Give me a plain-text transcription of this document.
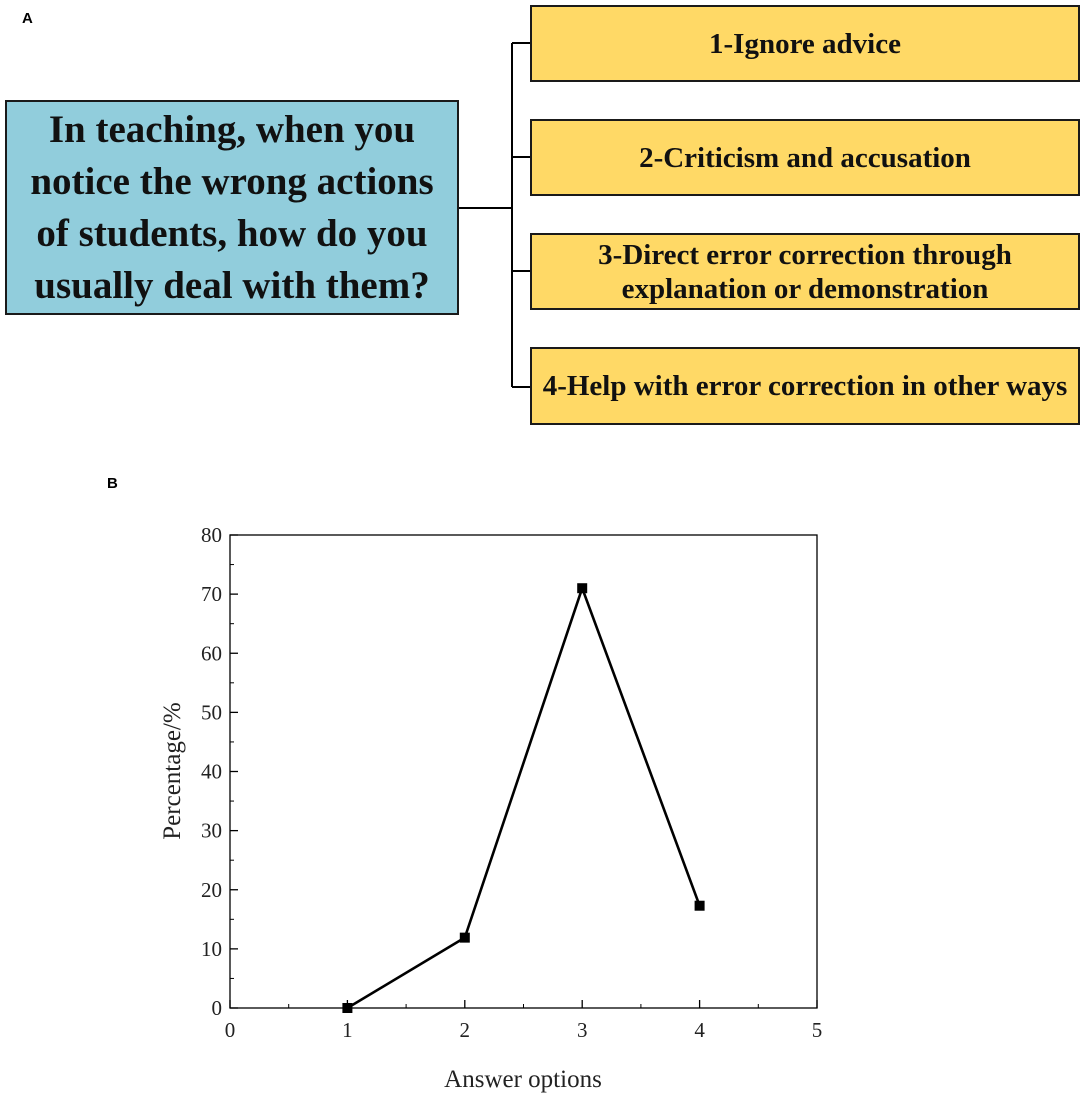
A
In teaching, when you notice the wrong actions of students, how do you usually deal with them?
1-Ignore advice
2-Criticism and accusation
3-Direct error correction through explanation or demonstration
4-Help with error correction in other ways
B
0
10
20
30
40
50
60
70
80
0	1	2	3	4	5
Answer options
Percentage/%
